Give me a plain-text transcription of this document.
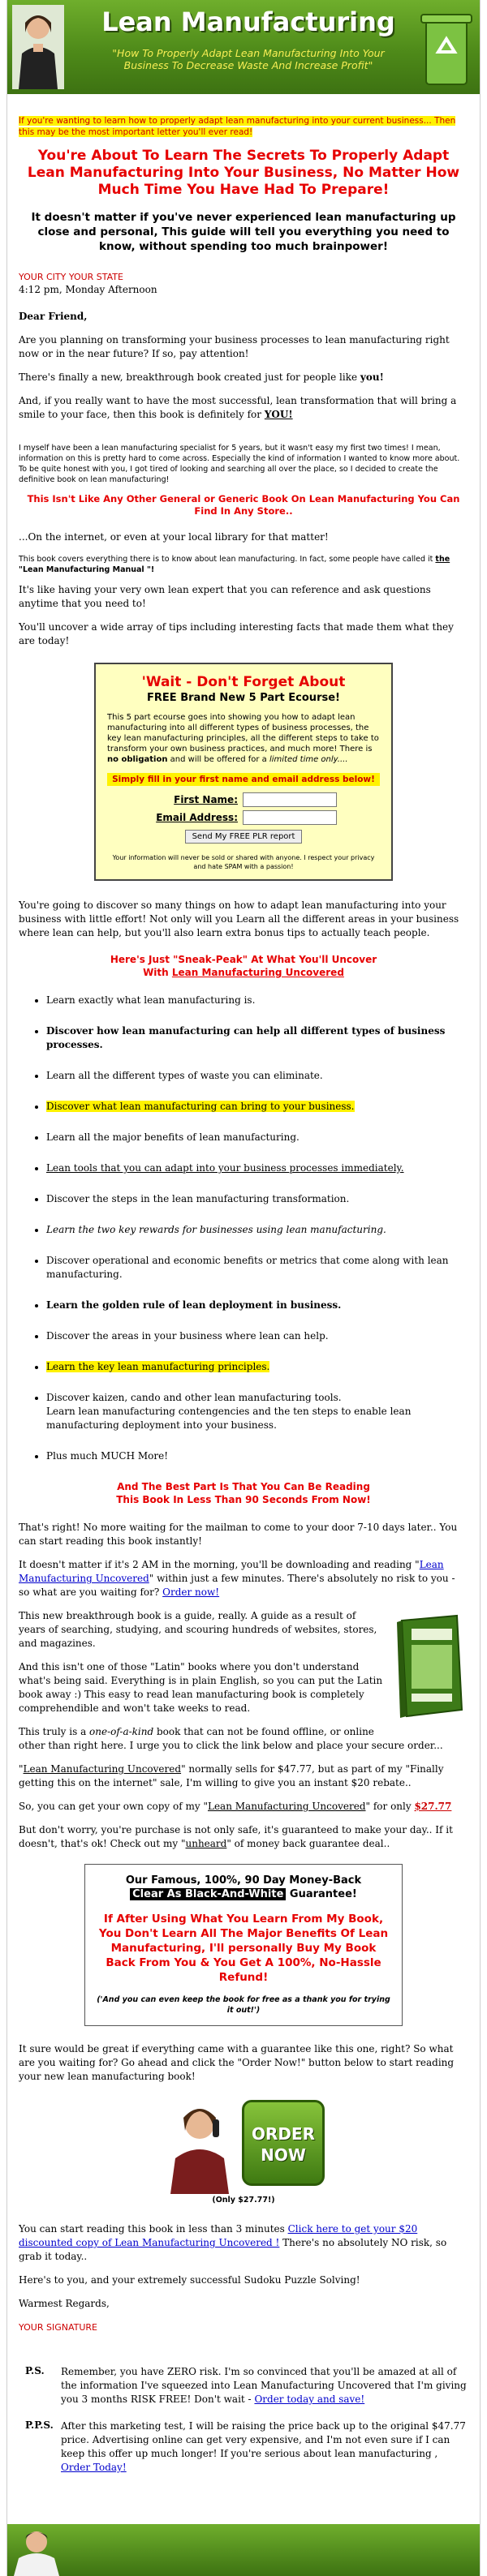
Lean Manufacturing
"How To Properly Adapt Lean Manufacturing Into Your Business To Decrease Waste And Increase Profit"

If you're wanting to learn how to properly adapt lean manufacturing into your current business... Then this may be the most important letter you'll ever read!

You're About To Learn The Secrets To Properly Adapt Lean Manufacturing Into Your Business, No Matter How Much Time You Have Had To Prepare!
It doesn't matter if you've never experienced lean manufacturing up close and personal, This guide will tell you everything you need to know, without spending too much brainpower!

YOUR CITY YOUR STATE

4:12 pm, Monday Afternoon

Dear Friend,

Are you planning on transforming your business processes to lean manufacturing right now or in the near future? If so, pay attention!

There's finally a new, breakthrough book created just for people like you!

And, if you really want to have the most successful, lean transformation that will bring a smile to your face, then this book is definitely for YOU!

I myself have been a lean manufacturing specialist for 5 years, but it wasn't easy my first two times! I mean, information on this is pretty hard to come across. Especially the kind of information I wanted to know more about. To be quite honest with you, I got tired of looking and searching all over the place, so I decided to create the definitive book on lean manufacturing!

This Isn't Like Any Other General or Generic Book On Lean Manufacturing You Can Find In Any Store..

...On the internet, or even at your local library for that matter!

This book covers everything there is to know about lean manufacturing. In fact, some people have called it the "Lean Manufacturing Manual "!

It's like having your very own lean expert that you can reference and ask questions anytime that you need to!

You'll uncover a wide array of tips including interesting facts that made them what they are today!

'Wait - Don't Forget About

FREE Brand New 5 Part Ecourse!

This 5 part ecourse goes into showing you how to adapt lean manufacturing into all different types of business processes, the key lean manufacturing principles, all the different steps to take to transform your own business practices, and much more! There is no obligation and will be offered for a limited time only....

Simply fill in your first name and email address below!

First Name:
Email Address:
Send My FREE PLR report

Your information will never be sold or shared with anyone. I respect your privacy and hate SPAM with a passion!

You're going to discover so many things on how to adapt lean manufacturing into your business with little effort! Not only will you Learn all the different areas in your business where lean can help, but you'll also learn extra bonus tips to actually teach people.

Here's Just "Sneak-Peak" At What You'll Uncover
With Lean Manufacturing Uncovered
• Learn exactly what lean manufacturing is.
• Discover how lean manufacturing can help all different types of business processes.
• Learn all the different types of waste you can eliminate.
• Discover what lean manufacturing can bring to your business.
• Learn all the major benefits of lean manufacturing.
• Lean tools that you can adapt into your business processes immediately.
• Discover the steps in the lean manufacturing transformation.
• Learn the two key rewards for businesses using lean manufacturing.
• Discover operational and economic benefits or metrics that come along with lean manufacturing.
• Learn the golden rule of lean deployment in business.
• Discover the areas in your business where lean can help.
• Learn the key lean manufacturing principles.
• Discover kaizen, cando and other lean manufacturing tools.
Learn lean manufacturing contengencies and the ten steps to enable lean manufacturing deployment into your business.
• Plus much MUCH More!
And The Best Part Is That You Can Be Reading
This Book In Less Than 90 Seconds From Now!

That's right! No more waiting for the mailman to come to your door 7-10 days later.. You can start reading this book instantly!

It doesn't matter if it's 2 AM in the morning, you'll be downloading and reading "Lean Manufacturing Uncovered" within just a few minutes. There's absolutely no risk to you - so what are you waiting for? Order now!

This new breakthrough book is a guide, really. A guide as a result of years of searching, studying, and scouring hundreds of websites, stores, and magazines.

And this isn't one of those "Latin" books where you don't understand what's being said. Everything is in plain English, so you can put the Latin book away :) This easy to read lean manufacturing book is completely comprehendible and won't take weeks to read.

This truly is a one-of-a-kind book that can not be found offline, or online other than right here. I urge you to click the link below and place your secure order...

"Lean Manufacturing Uncovered" normally sells for $47.77, but as part of my "Finally getting this on the internet" sale, I'm willing to give you an instant $20 rebate..

So, you can get your own copy of my "Lean Manufacturing Uncovered" for only $27.77

But don't worry, you're purchase is not only safe, it's guaranteed to make your day.. If it doesn't, that's ok! Check out my "unheard" of money back guarantee deal..

Our Famous, 100%, 90 Day Money-Back

Clear As Black-And-White Guarantee!

If After Using What You Learn From My Book, You Don't Learn All The Major Benefits Of Lean Manufacturing, I'll personally Buy My Book Back From You & You Get A 100%, No-Hassle Refund!

('And you can even keep the book for free as a thank you for trying it out!')

It sure would be great if everything came with a guarantee like this one, right? So what are you waiting for? Go ahead and click the "Order Now!" button below to start reading your new lean manufacturing book!

ORDER NOW

(Only $27.77!)

You can start reading this book in less than 3 minutes Click here to get your $20 discounted copy of Lean Manufacturing Uncovered ! There's no absolutely NO risk, so grab it today..

Here's to you, and your extremely successful Sudoku Puzzle Solving!

Warmest Regards,

YOUR SIGNATURE

P.S.	Remember, you have ZERO risk. I'm so convinced that you'll be amazed at all of the information I've squeezed into Lean Manufacturing Uncovered that I'm giving you 3 months RISK FREE! Don't wait - Order today and save!
P.P.S. After this marketing test, I will be raising the price back up to the original $47.77 price. Advertising online can get very expensive, and I'm not even sure if I can keep this offer up much longer! If you're serious about lean manufacturing , Order Today!
